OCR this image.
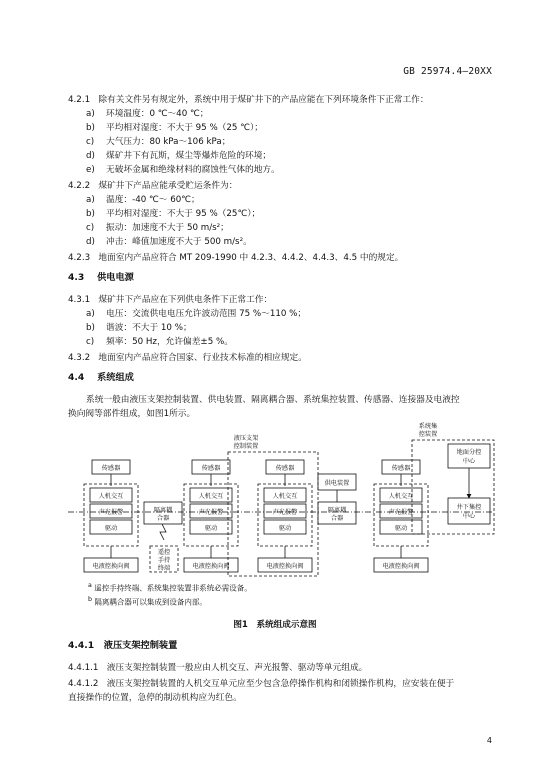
GB 25974.4—20XX
4.2.1 除有关文件另有规定外，系统中用于煤矿井下的产品应能在下列环境条件下正常工作：
a) 环境温度：0 ℃～40 ℃；
b) 平均相对湿度：不大于 95 %（25 ℃）；
c) 大气压力：80 kPa～106 kPa；
d) 煤矿井下有瓦斯，煤尘等爆炸危险的环境；
e) 无破坏金属和绝缘材料的腐蚀性气体的地方。
4.2.2 煤矿井下产品应能承受贮运条件为：
a) 温度：-40 ℃～ 60℃；
b) 平均相对湿度：不大于 95 %（25℃）；
c) 振动：加速度不大于 50 m/s²；
d) 冲击：峰值加速度不大于 500 m/s²。
4.2.3 地面室内产品应符合 MT 209-1990 中 4.2.3、4.4.2、4.4.3、4.5 中的规定。
4.3 供电电源
4.3.1 煤矿井下产品应在下列供电条件下正常工作：
a) 电压：交流供电电压允许波动范围 75 %～110 %；
b) 谐波：不大于 10 %；
c) 频率：50 Hz，允许偏差±5 %。
4.3.2 地面室内产品应符合国家、行业技术标准的相应规定。
4.4 系统组成
系统一般由液压支架控制装置、供电装置、隔离耦合器、系统集控装置、传感器、连接器及电液控
换向阀等部件组成，如图1所示。
传感器
人机交互
声光报警
驱动
电液控换向阀
隔离耦
合器
遥控
手持
终端
传感器
人机交互
声光报警
驱动
电液控换向阀
液压支架
控制装置
传感器
人机交互
声光报警
驱动
电液控换向阀
供电装置
隔离耦
合器
传感器
人机交互
声光报警
驱动
电液控换向阀
系统集
控装置
地面分控
中心
井下集控
中心
$^a$ 遥控手持终端、系统集控装置非系统必需设备。
$^b$ 隔离耦合器可以集成到设备内部。
图1　系统组成示意图
4.4.1 液压支架控制装置
4.4.1.1 液压支架控制装置一般应由人机交互、声光报警、驱动等单元组成。
4.4.1.2 液压支架控制装置的人机交互单元应至少包含急停操作机构和闭锁操作机构，应安装在便于
直接操作的位置，急停的制动机构应为红色。
4
